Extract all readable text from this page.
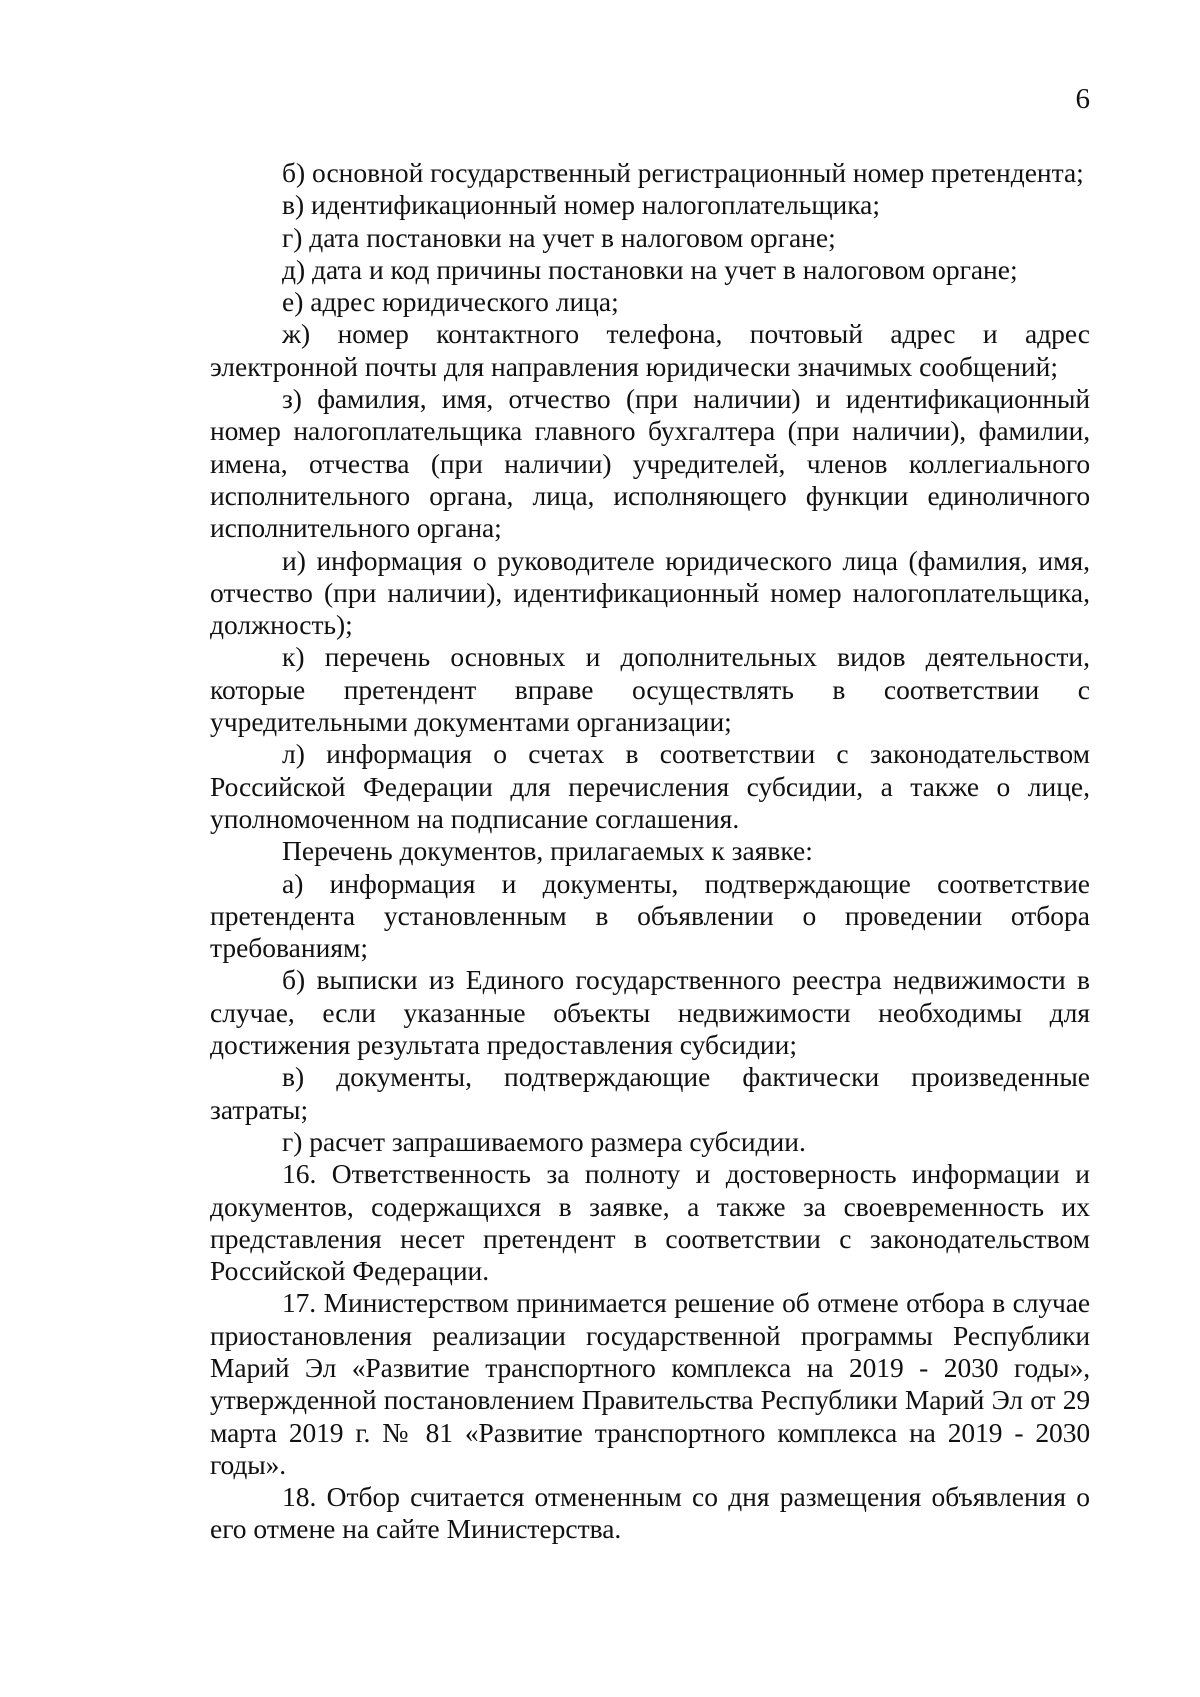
6

б) основной государственный регистрационный номер претендента;

в) идентификационный номер налогоплательщика;

г) дата постановки на учет в налоговом органе;

д) дата и код причины постановки на учет в налоговом органе;

е) адрес юридического лица;

ж) номер контактного телефона, почтовый адрес и адрес электронной почты для направления юридически значимых сообщений;

з) фамилия, имя, отчество (при наличии) и идентификационный номер налогоплательщика главного бухгалтера (при наличии), фамилии, имена, отчества (при наличии) учредителей, членов коллегиального исполнительного органа, лица, исполняющего функции единоличного исполнительного органа;

и) информация о руководителе юридического лица (фамилия, имя, отчество (при наличии), идентификационный номер налогоплательщика, должность);

к) перечень основных и дополнительных видов деятельности, которые претендент вправе осуществлять в соответствии с учредительными документами организации;

л) информация о счетах в соответствии с законодательством Российской Федерации для перечисления субсидии, а также о лице, уполномоченном на подписание соглашения.

Перечень документов, прилагаемых к заявке:

а) информация и документы, подтверждающие соответствие претендента установленным в объявлении о проведении отбора требованиям;

б) выписки из Единого государственного реестра недвижимости в случае, если указанные объекты недвижимости необходимы для достижения результата предоставления субсидии;

в) документы, подтверждающие фактически произведенные затраты;

г) расчет запрашиваемого размера субсидии.

16. Ответственность за полноту и достоверность информации и документов, содержащихся в заявке, а также за своевременность их представления несет претендент в соответствии с законодательством Российской Федерации.

17. Министерством принимается решение об отмене отбора в случае приостановления реализации государственной программы Республики Марий Эл «Развитие транспортного комплекса на 2019 - 2030 годы», утвержденной постановлением Правительства Республики Марий Эл от 29 марта 2019 г. № 81 «Развитие транспортного комплекса на 2019 - 2030 годы».

18. Отбор считается отмененным со дня размещения объявления о его отмене на сайте Министерства.
